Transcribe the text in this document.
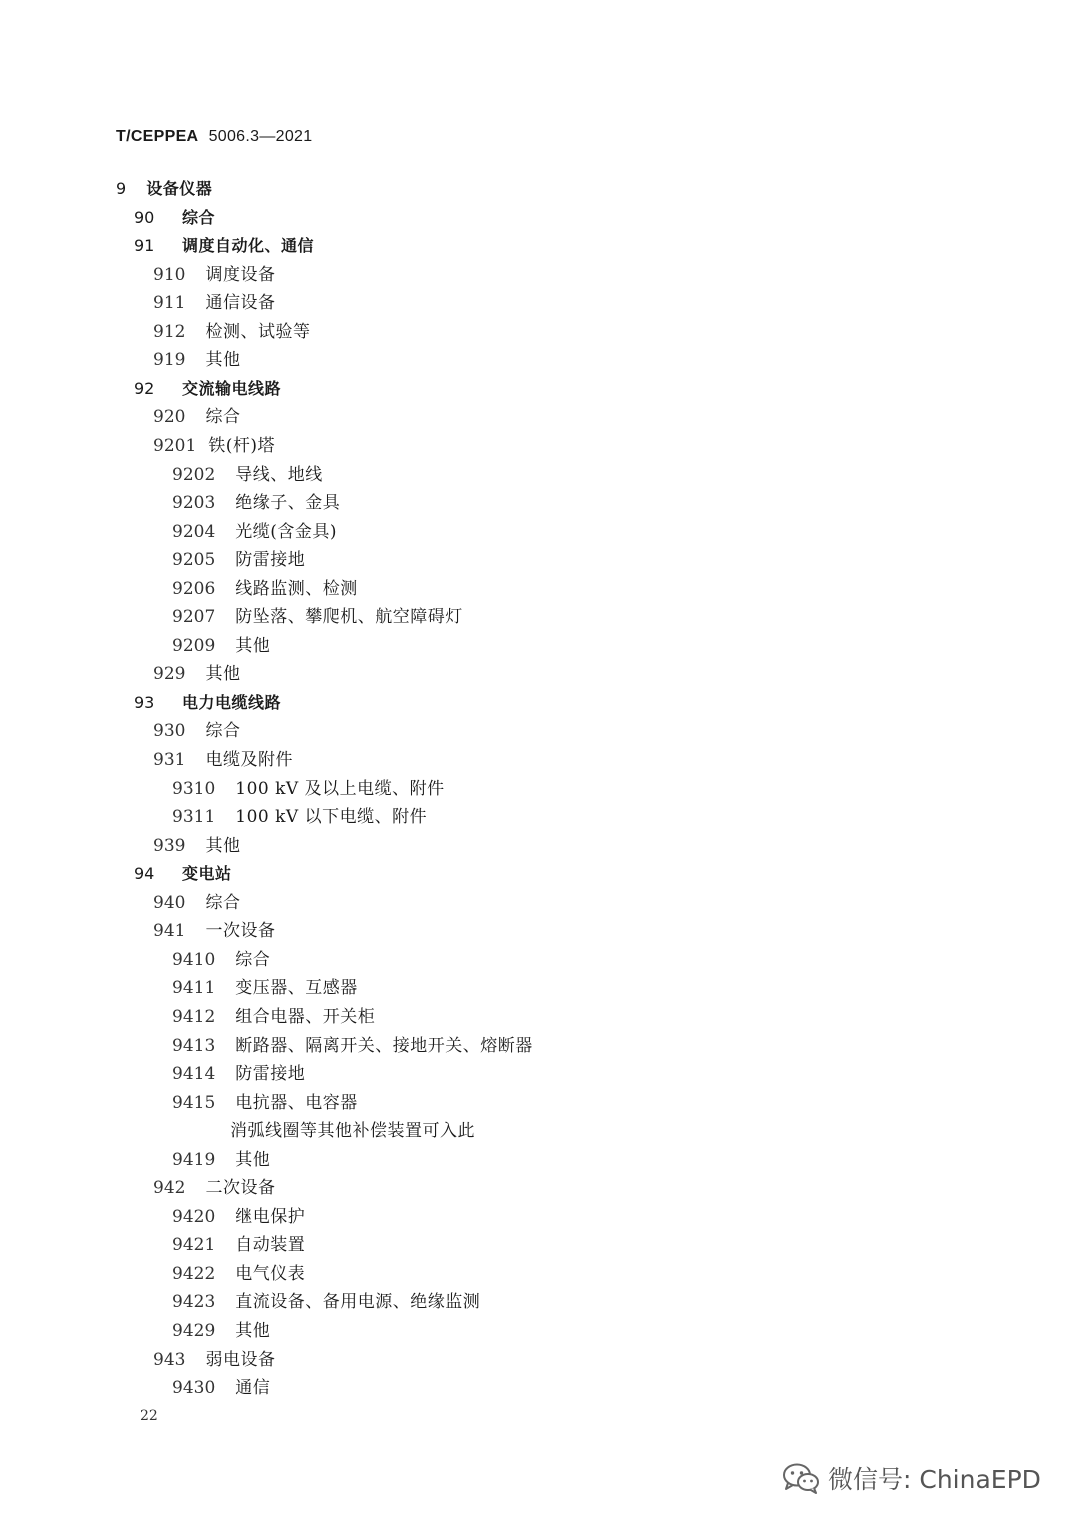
T/CEPPEA 5006.3—2021
9 设备仪器
90 综合
91 调度自动化、通信
910 调度设备
911 通信设备
912 检测、试验等
919 其他
92 交流输电线路
920 综合
9201 铁(杆)塔
9202 导线、地线
9203 绝缘子、金具
9204 光缆(含金具)
9205 防雷接地
9206 线路监测、检测
9207 防坠落、攀爬机、航空障碍灯
9209 其他
929 其他
93 电力电缆线路
930 综合
931 电缆及附件
9310 100 kV 及以上电缆、附件
9311 100 kV 以下电缆、附件
939 其他
94 变电站
940 综合
941 一次设备
9410 综合
9411 变压器、互感器
9412 组合电器、开关柜
9413 断路器、隔离开关、接地开关、熔断器
9414 防雷接地
9415 电抗器、电容器
消弧线圈等其他补偿装置可入此
9419 其他
942 二次设备
9420 继电保护
9421 自动装置
9422 电气仪表
9423 直流设备、备用电源、绝缘监测
9429 其他
943 弱电设备
9430 通信
22
微信号: ChinaEPD
